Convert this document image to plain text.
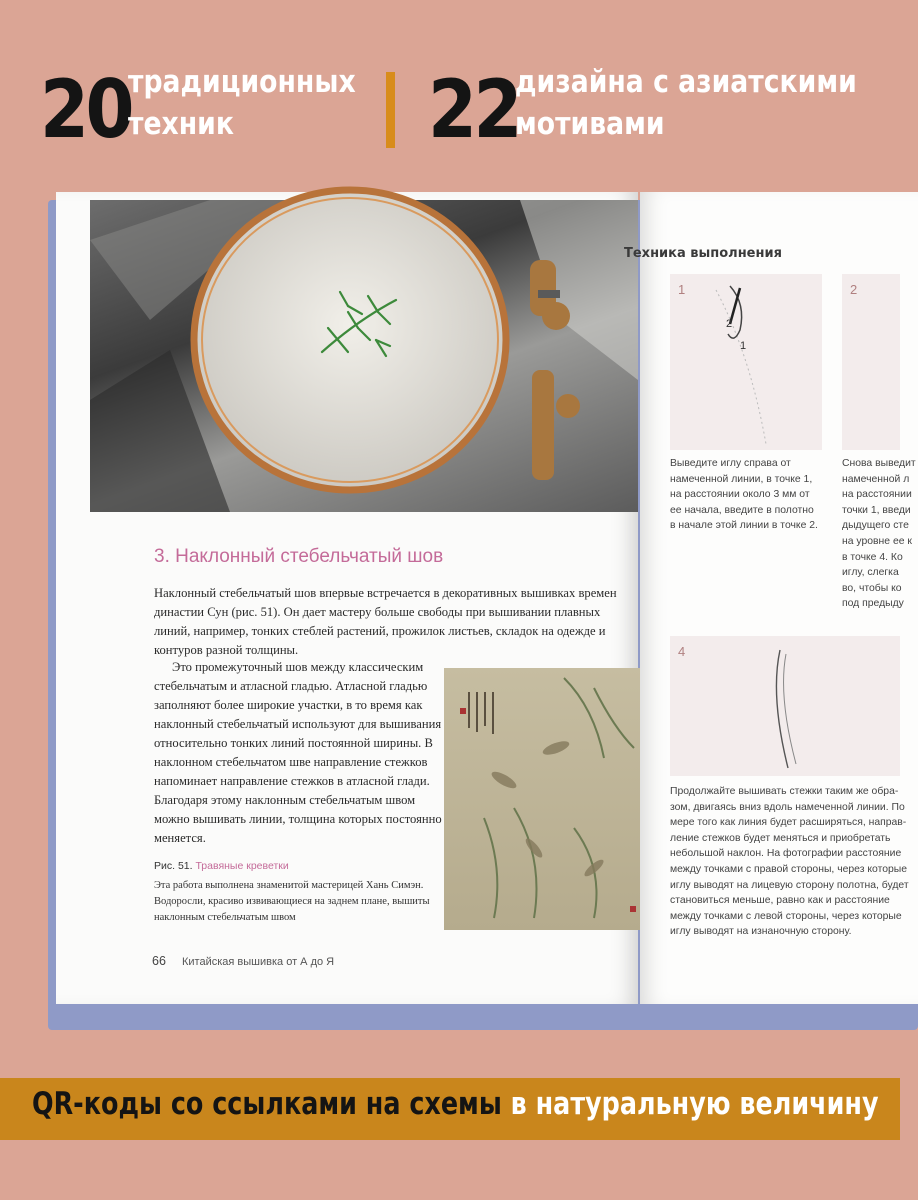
20
традиционных
техник 22
дизайна с азиатскими
мотивами
3. Наклонный стебельчатый шов
Наклонный стебельчатый шов впервые встречается в декоративных вышивках времен династии Сун (рис. 51). Он дает мастеру больше свободы при вышивании плавных линий, например, тонких стеблей растений, прожилок листьев, складок на одежде и контуров разной толщины.
Это промежуточный шов между классическим стебельчатым и атласной гладью. Атласной гладью заполняют более широкие участки, в то время как наклонный стебельчатый используют для вышивания относительно тонких линий постоянной ширины. В наклонном стебельчатом шве направление стежков напоминает направление стежков в атласной глади. Благодаря этому наклонным стебельчатым швом можно вышивать линии, толщина которых постоянно меняется.
Рис. 51. Травяные креветки
Эта работа выполнена знаменитой мастерицей Хань Симэн. Водоросли, красиво извивающиеся на заднем плане, вышиты наклонным стебельчатым швом
66 Китайская вышивка от А до Я
Техника выполнения
1
2
1
Выведите иглу справа от
намеченной линии, в точке 1,
на расстоянии около 3 мм от
ее начала, введите в полотно
в начале этой линии в точке 2.
2
Снова выведит
намеченной
на расстоянии
точки 1, введи
дыдущего
на уровне ее
в точке 4. Ко
иглу, слегка
во, чтобы ко
под предыду
4
Продолжайте вышивать стежки таким же обра-
зом, двигаясь вниз вдоль намеченной линии. По
мере того как линия будет расширяться, направ-
ление стежков будет меняться и приобретать
небольшой наклон. На фотографии расстояние
между точками с правой стороны, через которые
иглу выводят на лицевую сторону полотна, будет
становиться меньше, равно как и расстояние
между точками с левой стороны, через которые
иглу выводят на изнаночную сторону.
QR-коды со ссылками на схемы в натуральную величину
